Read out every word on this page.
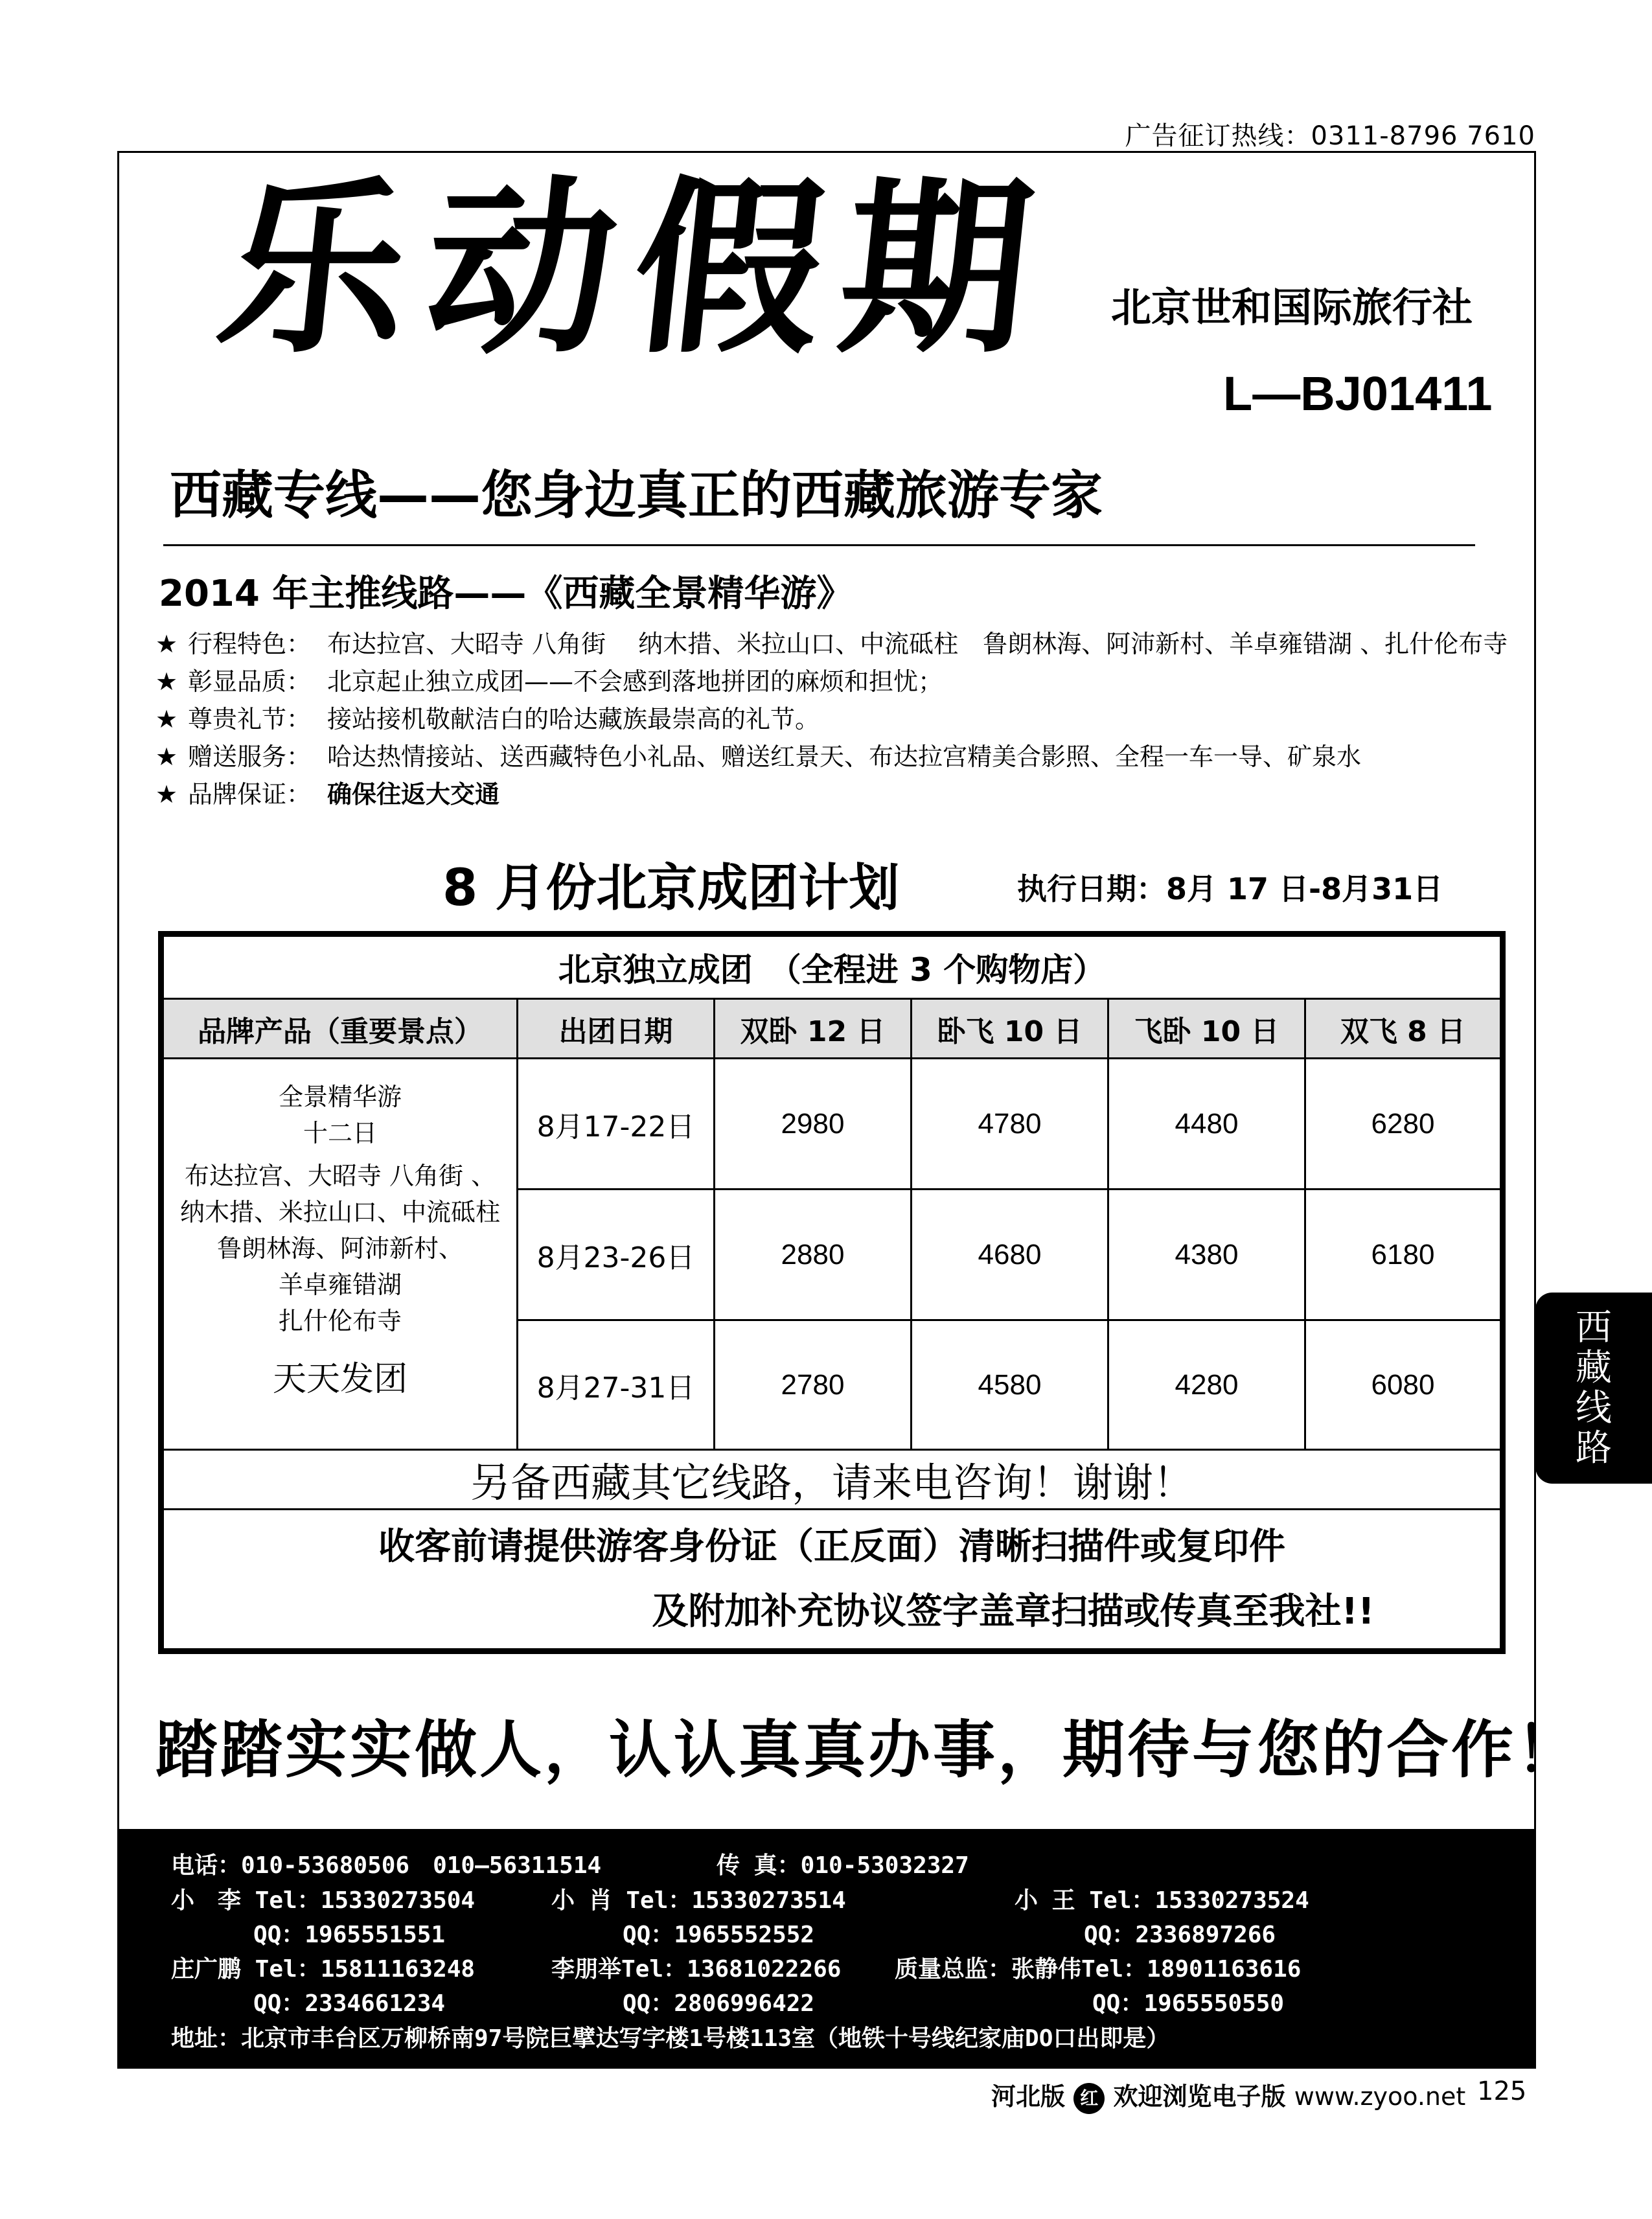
广告征订热线：0311-8796 7610
乐动假期 北京世和国际旅行社
L—BJ01411
西藏专线——您身边真正的西藏旅游专家
2014 年主推线路——《西藏全景精华游》
★ 行程特色： 布达拉宫、大昭寺 八角街　 纳木措、米拉山口、中流砥柱　鲁朗林海、阿沛新村、羊卓雍错湖 、扎什伦布寺
★ 彰显品质： 北京起止独立成团——不会感到落地拼团的麻烦和担忧；
★ 尊贵礼节： 接站接机敬献洁白的哈达藏族最崇高的礼节。
★ 赠送服务： 哈达热情接站、送西藏特色小礼品、赠送红景天、布达拉宫精美合影照、全程一车一导、矿泉水
★ 品牌保证： 确保往返大交通
8 月份北京成团计划	执行日期：8月 17 日-8月31日
北京独立成团　（全程进 3 个购物店）
品牌产品（重要景点）	出团日期	双卧 12 日	卧飞 10 日	飞卧 10 日	双飞 8 日
全景精华游
十二日
布达拉宫、大昭寺 八角街 、
纳木措、米拉山口、中流砥柱
鲁朗林海、阿沛新村、
羊卓雍错湖
扎什伦布寺
天天发团
8月17-22日	2980	4780	4480	6280
8月23-26日	2880	4680	4380	6180
8月27-31日	2780	4580	4280	6080
另备西藏其它线路，请来电咨询！谢谢！
收客前请提供游客身份证（正反面）清晰扫描件或复印件
及附加补充协议签字盖章扫描或传真至我社!!
踏踏实实做人，认认真真办事，期待与您的合作！
电话：010-53680506　010—56311514	传 真：010-53032327
小　李 Tel：15330273504	小 肖 Tel：15330273514	小 王 Tel：15330273524
QQ：1965551551	QQ：1965552552	QQ：2336897266
庄广鹏 Tel：15811163248	李朋举Tel：13681022266 质量总监：张静伟Tel：18901163616
QQ：2334661234	QQ：2806996422	QQ：1965550550
地址：北京市丰台区万柳桥南97号院巨擘达写字楼1号楼113室（地铁十号线纪家庙DO口出即是）
河北版 红 欢迎浏览电子版 www.zyoo.net 125
西
藏
线
路
